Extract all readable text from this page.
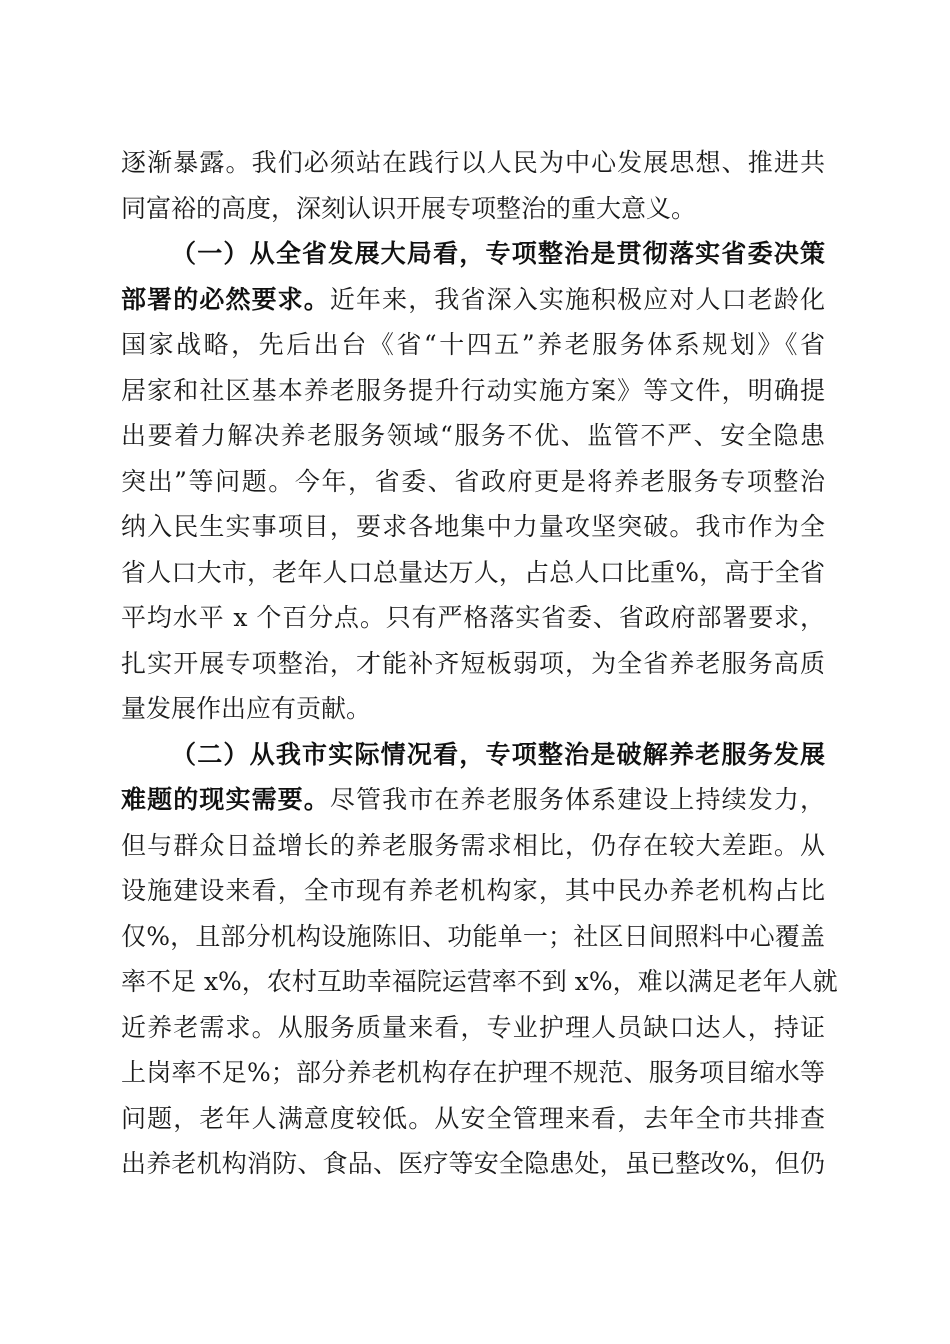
逐渐暴露。我们必须站在践行以人民为中心发展思想、推进共
同富裕的高度，深刻认识开展专项整治的重大意义。
（一）从全省发展大局看，专项整治是贯彻落实省委决策
部署的必然要求。近年来，我省深入实施积极应对人口老龄化
国家战略，先后出台《省“十四五”养老服务体系规划》《省
居家和社区基本养老服务提升行动实施方案》等文件，明确提
出要着力解决养老服务领域“服务不优、监管不严、安全隐患
突出”等问题。今年，省委、省政府更是将养老服务专项整治
纳入民生实事项目，要求各地集中力量攻坚突破。我市作为全
省人口大市，老年人口总量达万人，占总人口比重%，高于全省
平均水平 x 个百分点。只有严格落实省委、省政府部署要求，
扎实开展专项整治，才能补齐短板弱项，为全省养老服务高质
量发展作出应有贡献。
（二）从我市实际情况看，专项整治是破解养老服务发展
难题的现实需要。尽管我市在养老服务体系建设上持续发力，
但与群众日益增长的养老服务需求相比，仍存在较大差距。从
设施建设来看，全市现有养老机构家，其中民办养老机构占比
仅%，且部分机构设施陈旧、功能单一；社区日间照料中心覆盖
率不足 x%，农村互助幸福院运营率不到 x%，难以满足老年人就
近养老需求。从服务质量来看，专业护理人员缺口达人，持证
上岗率不足%；部分养老机构存在护理不规范、服务项目缩水等
问题，老年人满意度较低。从安全管理来看，去年全市共排查
出养老机构消防、食品、医疗等安全隐患处，虽已整改%，但仍
